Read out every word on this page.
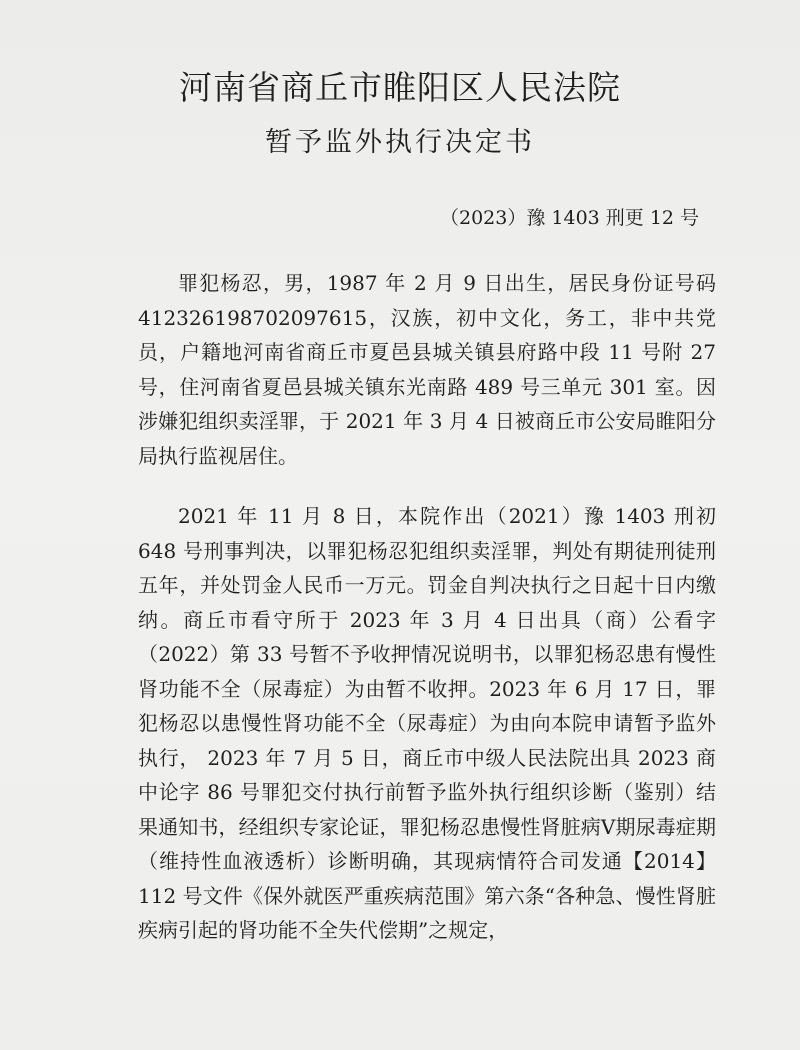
河南省商丘市睢阳区人民法院
暂予监外执行决定书

（2023）豫 1403 刑更 12 号

罪犯杨忍，男，1987 年 2 月 9 日出生，居民身份证号码 412326198702097615，汉族，初中文化，务工，非中共党员，户籍地河南省商丘市夏邑县城关镇县府路中段 11 号附 27 号，住河南省夏邑县城关镇东光南路 489 号三单元 301 室。因涉嫌犯组织卖淫罪，于 2021 年 3 月 4 日被商丘市公安局睢阳分局执行监视居住。

2021 年 11 月 8 日，本院作出（2021）豫 1403 刑初 648 号刑事判决，以罪犯杨忍犯组织卖淫罪，判处有期徒刑徒刑五年，并处罚金人民币一万元。罚金自判决执行之日起十日内缴纳。商丘市看守所于 2023 年 3 月 4 日出具（商）公看字（2022）第 33 号暂不予收押情况说明书，以罪犯杨忍患有慢性肾功能不全（尿毒症）为由暂不收押。2023 年 6 月 17 日，罪犯杨忍以患慢性肾功能不全（尿毒症）为由向本院申请暂予监外执行， 2023 年 7 月 5 日，商丘市中级人民法院出具 2023 商中论字 86 号罪犯交付执行前暂予监外执行组织诊断（鉴别）结果通知书，经组织专家论证，罪犯杨忍患慢性肾脏病Ⅴ期尿毒症期（维持性血液透析）诊断明确，其现病情符合司发通【2014】112 号文件《保外就医严重疾病范围》第六条“各种急、慢性肾脏疾病引起的肾功能不全失代偿期”之规定，
